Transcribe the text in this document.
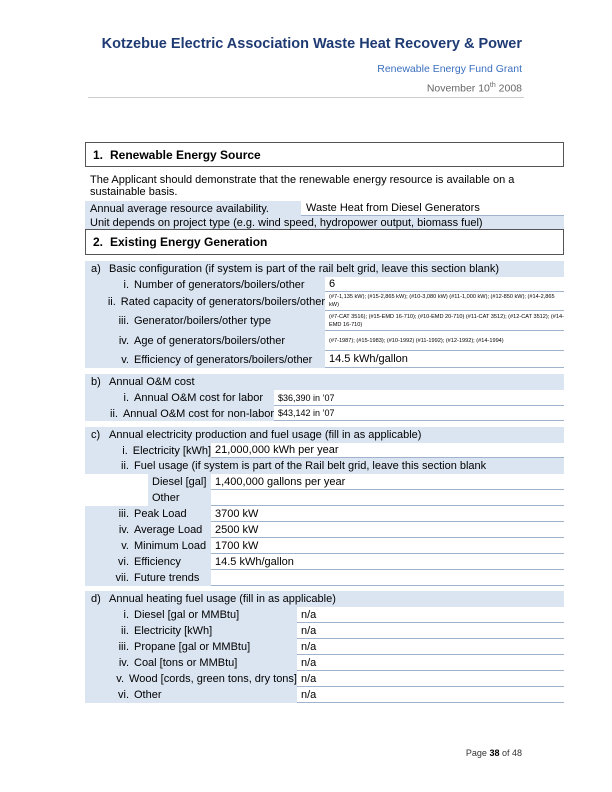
Kotzebue Electric Association Waste Heat Recovery & Power
Renewable Energy Fund Grant
November 10th 2008
1. Renewable Energy Source
The Applicant should demonstrate that the renewable energy resource is available on a sustainable basis.
Annual average resource availability.	Waste Heat from Diesel Generators
Unit depends on project type (e.g. wind speed, hydropower output, biomass fuel)
2. Existing Energy Generation
a) Basic configuration (if system is part of the rail belt grid, leave this section blank)
i. Number of generators/boilers/other	6
ii. Rated capacity of generators/boilers/other (#7-1,135 kW); (#15-2,865 kW); (#10-3,080 kW) (#11-1,000 kW); (#12-850 kW); (#14-2,865 kW)
iii. Generator/boilers/other type	(#7-CAT 3516); (#15-EMD 16-710); (#10-EMD 20-710) (#11-CAT 3512); (#12-CAT 3512); (#14-EMD 16-710)
iv. Age of generators/boilers/other	(#7-1987); (#15-1983); (#10-1992) (#11-1992); (#12-1992); (#14-1994)
v. Efficiency of generators/boilers/other	14.5 kWh/gallon
b) Annual O&M cost
i. Annual O&M cost for labor	$36,390 in ’07
ii. Annual O&M cost for non-labor $43,142 in ’07
c) Annual electricity production and fuel usage (fill in as applicable)
i. Electricity [kWh] 21,000,000 kWh per year
ii. Fuel usage (if system is part of the Rail belt grid, leave this section blank
Diesel [gal] 1,400,000 gallons per year
Other
iii. Peak Load	3700 kW
iv. Average Load	2500 kW
v. Minimum Load 1700 kW
vi. Efficiency	14.5 kWh/gallon
vii. Future trends
d) Annual heating fuel usage (fill in as applicable)
i. Diesel [gal or MMBtu]	n/a
ii. Electricity [kWh]	n/a
iii. Propane [gal or MMBtu]	n/a
iv. Coal [tons or MMBtu]	n/a
v. Wood [cords, green tons, dry tons] n/a
vi. Other	n/a
Page 38 of 48
